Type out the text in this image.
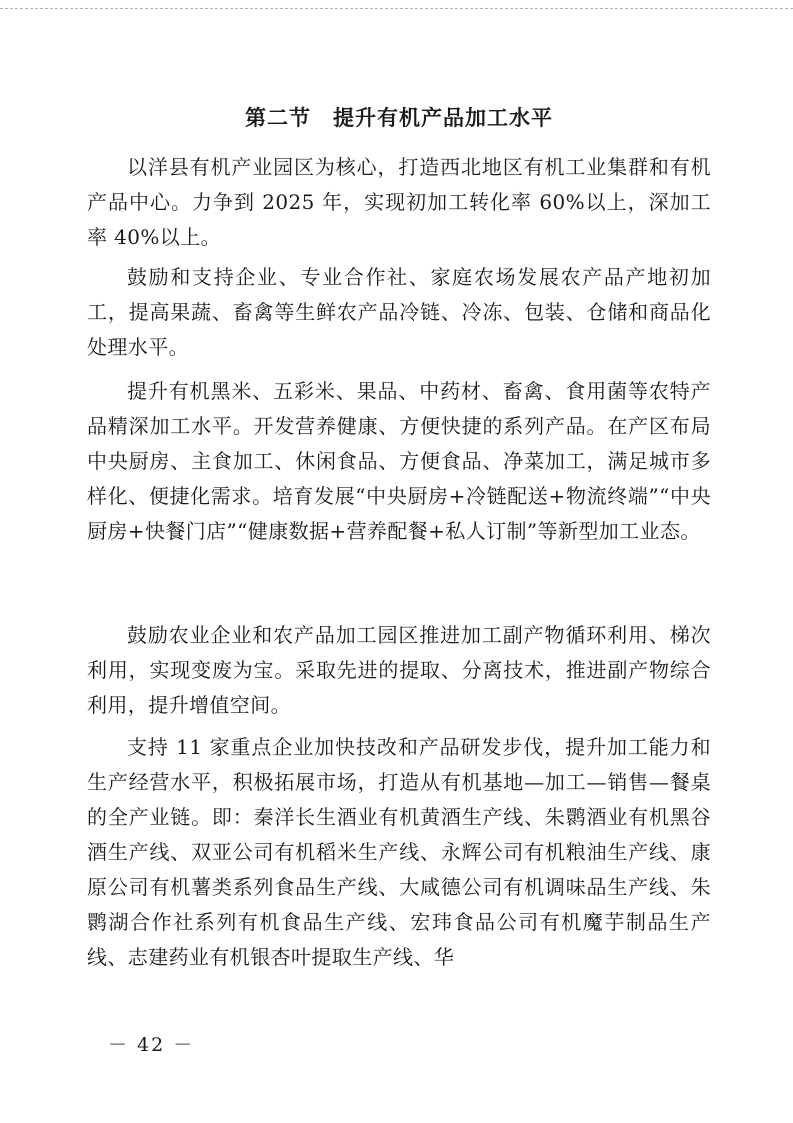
第二节　提升有机产品加工水平

以洋县有机产业园区为核心，打造西北地区有机工业集群和有机产品中心。力争到 2025 年，实现初加工转化率 60%以上，深加工率 40%以上。

鼓励和支持企业、专业合作社、家庭农场发展农产品产地初加工，提高果蔬、畜禽等生鲜农产品冷链、冷冻、包装、仓储和商品化处理水平。

提升有机黑米、五彩米、果品、中药材、畜禽、食用菌等农特产品精深加工水平。开发营养健康、方便快捷的系列产品。在产区布局中央厨房、主食加工、休闲食品、方便食品、净菜加工，满足城市多样化、便捷化需求。培育发展“中央厨房+冷链配送+物流终端”“中央厨房+快餐门店”“健康数据+营养配餐+私人订制”等新型加工业态。

鼓励农业企业和农产品加工园区推进加工副产物循环利用、梯次利用，实现变废为宝。采取先进的提取、分离技术，推进副产物综合利用，提升增值空间。

支持 11 家重点企业加快技改和产品研发步伐，提升加工能力和生产经营水平，积极拓展市场，打造从有机基地—加工—销售—餐桌的全产业链。即：秦洋长生酒业有机黄酒生产线、朱鹮酒业有机黑谷酒生产线、双亚公司有机稻米生产线、永辉公司有机粮油生产线、康原公司有机薯类系列食品生产线、大咸德公司有机调味品生产线、朱鹮湖合作社系列有机食品生产线、宏玮食品公司有机魔芋制品生产线、志建药业有机银杏叶提取生产线、华

－ 42 －
